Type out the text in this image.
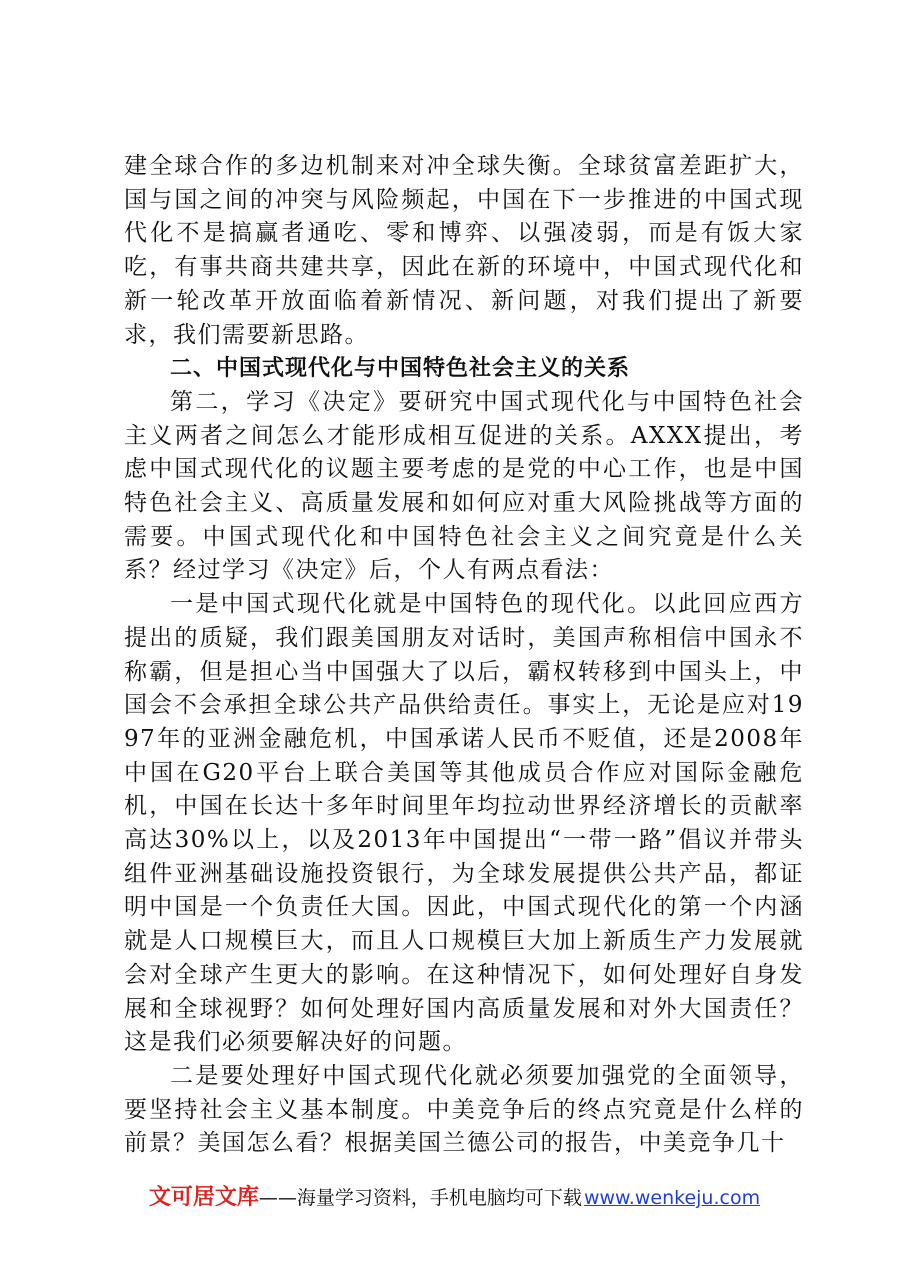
建全球合作的多边机制来对冲全球失衡。全球贫富差距扩大，国与国之间的冲突与风险频起，中国在下一步推进的中国式现代化不是搞赢者通吃、零和博弈、以强凌弱，而是有饭大家吃，有事共商共建共享，因此在新的环境中，中国式现代化和新一轮改革开放面临着新情况、新问题，对我们提出了新要求，我们需要新思路。

二、中国式现代化与中国特色社会主义的关系

第二，学习《决定》要研究中国式现代化与中国特色社会主义两者之间怎么才能形成相互促进的关系。AXXX提出，考虑中国式现代化的议题主要考虑的是党的中心工作，也是中国特色社会主义、高质量发展和如何应对重大风险挑战等方面的需要。中国式现代化和中国特色社会主义之间究竟是什么关系？经过学习《决定》后，个人有两点看法：

一是中国式现代化就是中国特色的现代化。以此回应西方提出的质疑，我们跟美国朋友对话时，美国声称相信中国永不称霸，但是担心当中国强大了以后，霸权转移到中国头上，中国会不会承担全球公共产品供给责任。事实上，无论是应对1997年的亚洲金融危机，中国承诺人民币不贬值，还是2008年中国在G20平台上联合美国等其他成员合作应对国际金融危机，中国在长达十多年时间里年均拉动世界经济增长的贡献率高达30%以上，以及2013年中国提出“一带一路”倡议并带头组件亚洲基础设施投资银行，为全球发展提供公共产品，都证明中国是一个负责任大国。因此，中国式现代化的第一个内涵就是人口规模巨大，而且人口规模巨大加上新质生产力发展就会对全球产生更大的影响。在这种情况下，如何处理好自身发展和全球视野？如何处理好国内高质量发展和对外大国责任？这是我们必须要解决好的问题。

二是要处理好中国式现代化就必须要加强党的全面领导，要坚持社会主义基本制度。中美竞争后的终点究竟是什么样的前景？美国怎么看？根据美国兰德公司的报告，中美竞争几十

文可居文库——海量学习资料，手机电脑均可下载 www.wenkeju.com
